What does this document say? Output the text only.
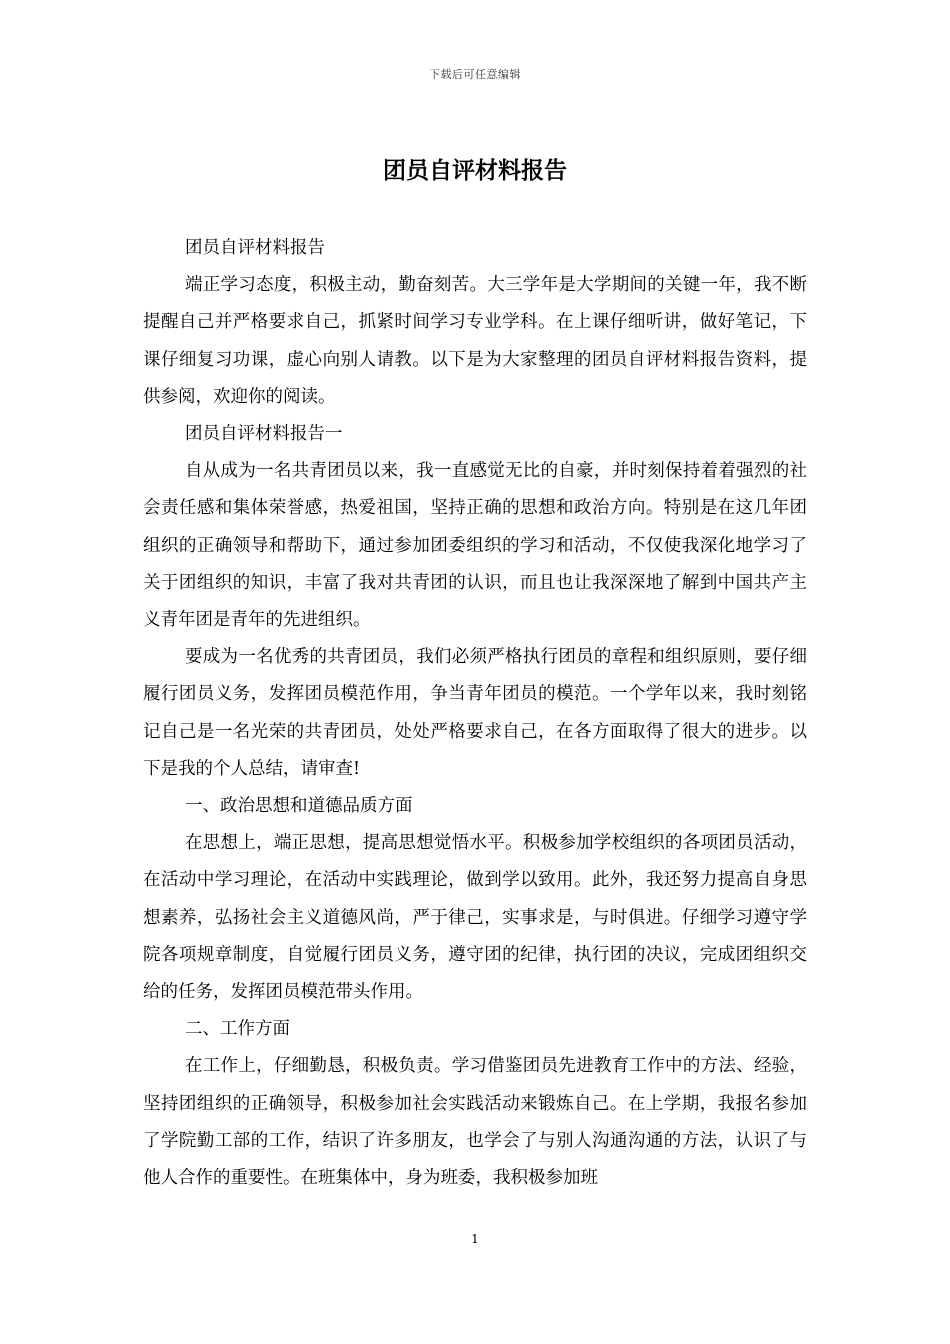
下载后可任意编辑
团员自评材料报告

团员自评材料报告

端正学习态度，积极主动，勤奋刻苦。大三学年是大学期间的关键一年，我不断提醒自己并严格要求自己，抓紧时间学习专业学科。在上课仔细听讲，做好笔记，下课仔细复习功课，虚心向别人请教。以下是为大家整理的团员自评材料报告资料，提供参阅，欢迎你的阅读。

团员自评材料报告一

自从成为一名共青团员以来，我一直感觉无比的自豪，并时刻保持着着强烈的社会责任感和集体荣誉感，热爱祖国，坚持正确的思想和政治方向。特别是在这几年团组织的正确领导和帮助下，通过参加团委组织的学习和活动，不仅使我深化地学习了关于团组织的知识，丰富了我对共青团的认识，而且也让我深深地了解到中国共产主义青年团是青年的先进组织。

要成为一名优秀的共青团员，我们必须严格执行团员的章程和组织原则，要仔细履行团员义务，发挥团员模范作用，争当青年团员的模范。一个学年以来，我时刻铭记自己是一名光荣的共青团员，处处严格要求自己，在各方面取得了很大的进步。以下是我的个人总结，请审查!

一、政治思想和道德品质方面

在思想上，端正思想，提高思想觉悟水平。积极参加学校组织的各项团员活动，在活动中学习理论，在活动中实践理论，做到学以致用。此外，我还努力提高自身思想素养，弘扬社会主义道德风尚，严于律己，实事求是，与时俱进。仔细学习遵守学院各项规章制度，自觉履行团员义务，遵守团的纪律，执行团的决议，完成团组织交给的任务，发挥团员模范带头作用。

二、工作方面

在工作上，仔细勤恳，积极负责。学习借鉴团员先进教育工作中的方法、经验，坚持团组织的正确领导，积极参加社会实践活动来锻炼自己。在上学期，我报名参加了学院勤工部的工作，结识了许多朋友，也学会了与别人沟通沟通的方法，认识了与他人合作的重要性。在班集体中，身为班委，我积极参加班

1
